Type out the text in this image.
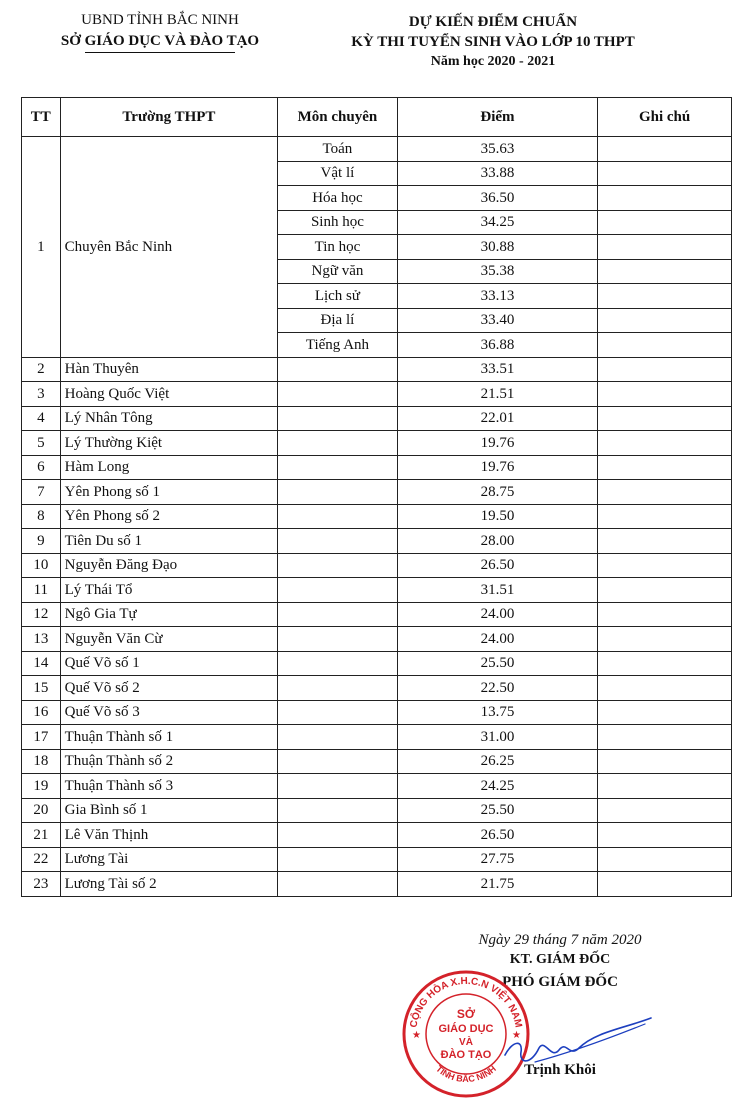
UBND TỈNH BẮC NINH
SỞ GIÁO DỤC VÀ ĐÀO TẠO
DỰ KIẾN ĐIỂM CHUẨN
KỲ THI TUYỂN SINH VÀO LỚP 10 THPT
Năm học 2020 - 2021
TT	Trường THPT	Môn chuyên	Điểm	Ghi chú
1	Chuyên Bắc Ninh	Toán	35.63	
		Vật lí	33.88	
		Hóa học	36.50	
		Sinh học	34.25	
		Tin học	30.88	
		Ngữ văn	35.38	
		Lịch sử	33.13	
		Địa lí	33.40	
		Tiếng Anh	36.88	
2	Hàn Thuyên		33.51	
3	Hoàng Quốc Việt		21.51	
4	Lý Nhân Tông		22.01	
5	Lý Thường Kiệt		19.76	
6	Hàm Long		19.76	
7	Yên Phong số 1		28.75	
8	Yên Phong số 2		19.50	
9	Tiên Du số 1		28.00	
10	Nguyễn Đăng Đạo		26.50	
11	Lý Thái Tổ		31.51	
12	Ngô Gia Tự		24.00	
13	Nguyễn Văn Cừ		24.00	
14	Quế Võ số 1		25.50	
15	Quế Võ số 2		22.50	
16	Quế Võ số 3		13.75	
17	Thuận Thành số 1		31.00	
18	Thuận Thành số 2		26.25	
19	Thuận Thành số 3		24.25	
20	Gia Bình số 1		25.50	
21	Lê Văn Thịnh		26.50	
22	Lương Tài		27.75	
23	Lương Tài số 2		21.75	
Ngày 29 tháng 7 năm 2020
KT. GIÁM ĐỐC
PHÓ GIÁM ĐỐC
CỘNG HÒA X.H.C.N VIỆT NAM
TỈNH BẮC NINH
SỞ
GIÁO DỤC
VÀ
ĐÀO TẠO
★	★
Trịnh Khôi
